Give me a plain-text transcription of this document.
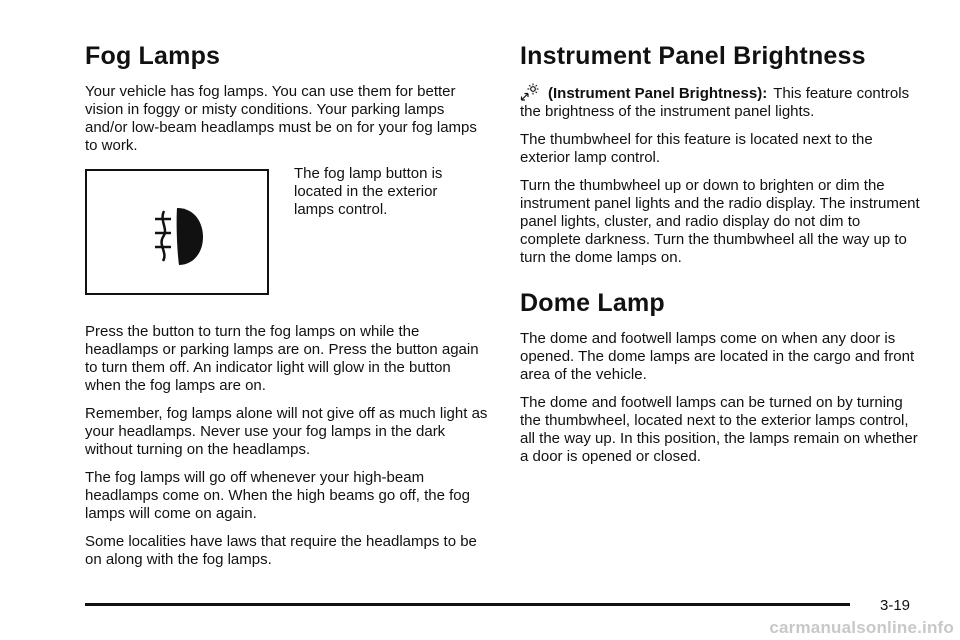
Fog Lamps

Your vehicle has fog lamps. You can use them for better vision in foggy or misty conditions. Your parking lamps and/or low-beam headlamps must be on for your fog lamps to work.

The fog lamp button is located in the exterior lamps control.

Press the button to turn the fog lamps on while the headlamps or parking lamps are on. Press the button again to turn them off. An indicator light will glow in the button when the fog lamps are on.

Remember, fog lamps alone will not give off as much light as your headlamps. Never use your fog lamps in the dark without turning on the headlamps.

The fog lamps will go off whenever your high-beam headlamps come on. When the high beams go off, the fog lamps will come on again.

Some localities have laws that require the headlamps to be on along with the fog lamps.

Instrument Panel Brightness

(Instrument Panel Brightness): This feature controls the brightness of the instrument panel lights.

The thumbwheel for this feature is located next to the exterior lamp control.

Turn the thumbwheel up or down to brighten or dim the instrument panel lights and the radio display. The instrument panel lights, cluster, and radio display do not dim to complete darkness. Turn the thumbwheel all the way up to turn the dome lamps on.

Dome Lamp

The dome and footwell lamps come on when any door is opened. The dome lamps are located in the cargo and front area of the vehicle.

The dome and footwell lamps can be turned on by turning the thumbwheel, located next to the exterior lamps control, all the way up. In this position, the lamps remain on whether a door is opened or closed.

3-19
carmanualsonline.info
